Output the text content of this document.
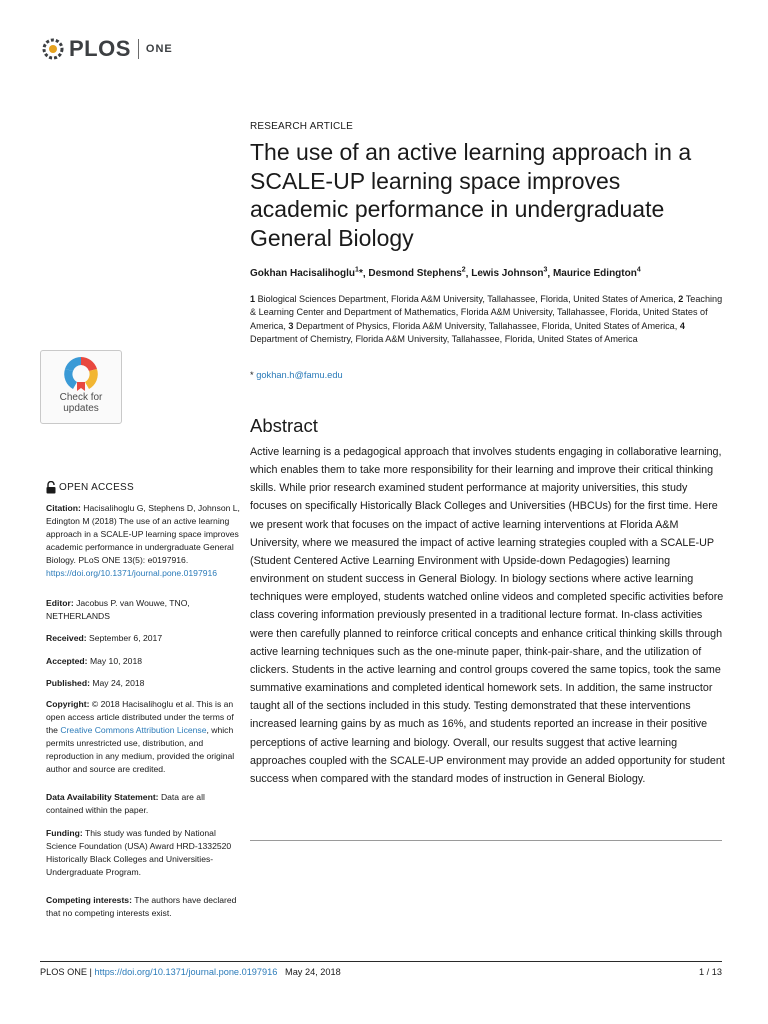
PLOS ONE
Check for
updates
OPEN ACCESS
Citation: Hacisalihoglu G, Stephens D, Johnson L, Edington M (2018) The use of an active learning approach in a SCALE-UP learning space improves academic performance in undergraduate General Biology. PLoS ONE 13(5): e0197916. https://doi.org/10.1371/journal.pone.0197916
Editor: Jacobus P. van Wouwe, TNO, NETHERLANDS
Received: September 6, 2017
Accepted: May 10, 2018
Published: May 24, 2018
Copyright: © 2018 Hacisalihoglu et al. This is an open access article distributed under the terms of the Creative Commons Attribution License, which permits unrestricted use, distribution, and reproduction in any medium, provided the original author and source are credited.
Data Availability Statement: Data are all contained within the paper.
Funding: This study was funded by National Science Foundation (USA) Award HRD-1332520 Historically Black Colleges and Universities-Undergraduate Program.
Competing interests: The authors have declared that no competing interests exist.
RESEARCH ARTICLE
The use of an active learning approach in a SCALE-UP learning space improves academic performance in undergraduate General Biology
Gokhan Hacisalihoglu$^1$*, Desmond Stephens$^2$, Lewis Johnson$^3$, Maurice Edington$^4$
1 Biological Sciences Department, Florida A&M University, Tallahassee, Florida, United States of America, 2 Teaching & Learning Center and Department of Mathematics, Florida A&M University, Tallahassee, Florida, United States of America, 3 Department of Physics, Florida A&M University, Tallahassee, Florida, United States of America, 4 Department of Chemistry, Florida A&M University, Tallahassee, Florida, United States of America
* gokhan.h@famu.edu
Abstract
Active learning is a pedagogical approach that involves students engaging in collaborative learning, which enables them to take more responsibility for their learning and improve their critical thinking skills. While prior research examined student performance at majority universities, this study focuses on specifically Historically Black Colleges and Universities (HBCUs) for the first time. Here we present work that focuses on the impact of active learning interventions at Florida A&M University, where we measured the impact of active learning strategies coupled with a SCALE-UP (Student Centered Active Learning Environment with Upside-down Pedagogies) learning environment on student success in General Biology. In biology sections where active learning techniques were employed, students watched online videos and completed specific activities before class covering information previously presented in a traditional lecture format. In-class activities were then carefully planned to reinforce critical concepts and enhance critical thinking skills through active learning techniques such as the one-minute paper, think-pair-share, and the utilization of clickers. Students in the active learning and control groups covered the same topics, took the same summative examinations and completed identical homework sets. In addition, the same instructor taught all of the sections included in this study. Testing demonstrated that these interventions increased learning gains by as much as 16%, and students reported an increase in their positive perceptions of active learning and biology. Overall, our results suggest that active learning approaches coupled with the SCALE-UP environment may provide an added opportunity for student success when compared with the standard modes of instruction in General Biology.
PLOS ONE | https://doi.org/10.1371/journal.pone.0197916 May 24, 2018	1 / 13
